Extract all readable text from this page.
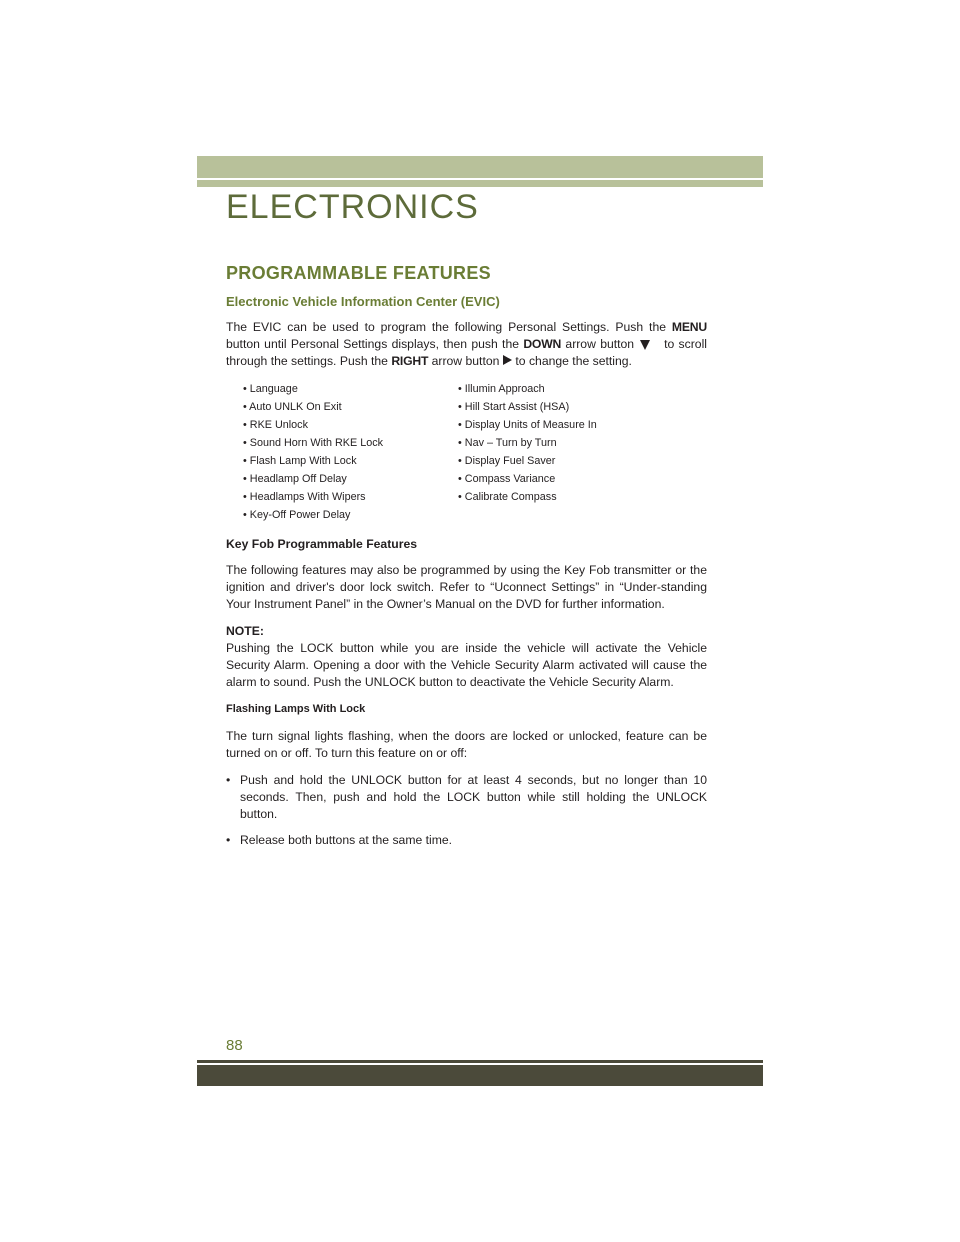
ELECTRONICS
PROGRAMMABLE FEATURES
Electronic Vehicle Information Center (EVIC)

The EVIC can be used to program the following Personal Settings. Push the MENU button until Personal Settings displays, then push the DOWN arrow button to scroll through the settings. Push the RIGHT arrow button to change the setting.

• Language	• Illumin Approach
• Auto UNLK On Exit	• Hill Start Assist (HSA)
• RKE Unlock	• Display Units of Measure In
• Sound Horn With RKE Lock	• Nav – Turn by Turn
• Flash Lamp With Lock	• Display Fuel Saver
• Headlamp Off Delay	• Compass Variance
• Headlamps With Wipers	• Calibrate Compass
• Key-Off Power Delay
Key Fob Programmable Features

The following features may also be programmed by using the Key Fob transmitter or the ignition and driver's door lock switch. Refer to “Uconnect Settings” in “Under-standing Your Instrument Panel” in the Owner’s Manual on the DVD for further information.

NOTE:

Pushing the LOCK button while you are inside the vehicle will activate the Vehicle Security Alarm. Opening a door with the Vehicle Security Alarm activated will cause the alarm to sound. Push the UNLOCK button to deactivate the Vehicle Security Alarm.

Flashing Lamps With Lock

The turn signal lights flashing, when the doors are locked or unlocked, feature can be turned on or off. To turn this feature on or off:

• Push and hold the UNLOCK button for at least 4 seconds, but no longer than 10 seconds. Then, push and hold the LOCK button while still holding the UNLOCK button.
• Release both buttons at the same time.
88
